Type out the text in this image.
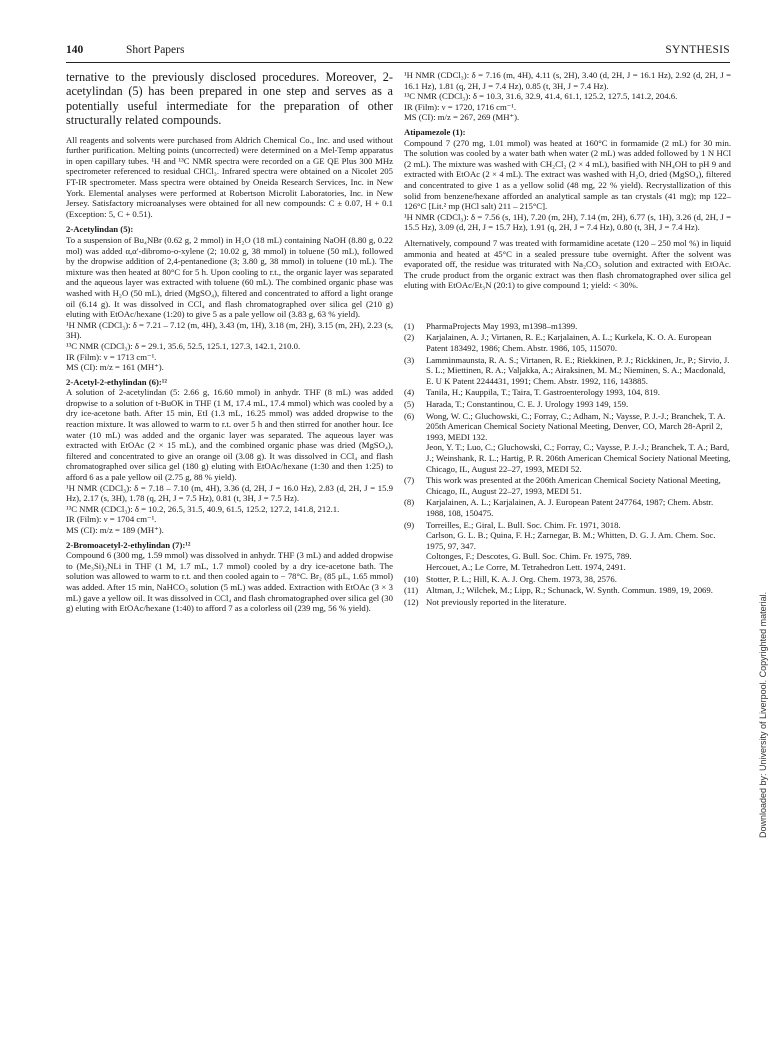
140	Short Papers	SYNTHESIS

ternative to the previously disclosed procedures. Moreover, 2-acetylindan (5) has been prepared in one step and serves as a potentially useful intermediate for the preparation of other structurally related compounds.

All reagents and solvents were purchased from Aldrich Chemical Co., Inc. and used without further purification. Melting points (uncorrected) were determined on a Mel-Temp apparatus in open capillary tubes. ¹H and ¹³C NMR spectra were recorded on a GE QE Plus 300 MHz spectrometer referenced to residual CHCl₃. Infrared spectra were obtained on a Nicolet 205 FT-IR spectrometer. Mass spectra were obtained by Oneida Research Services, Inc. in New York. Elemental analyses were performed at Robertson Microlit Laboratories, Inc. in New Jersey. Satisfactory microanalyses were obtained for all new compounds: C ± 0.07, H + 0.1 (Exception: 5, C + 0.51).

2-Acetylindan (5):

To a suspension of Bu₄NBr (0.62 g, 2 mmol) in H₂O (18 mL) containing NaOH (8.80 g, 0.22 mol) was added α,α′-dibromo-o-xylene (2; 10.02 g, 38 mmol) in toluene (50 mL), followed by the dropwise addition of 2,4-pentanedione (3; 3.80 g, 38 mmol) in toluene (10 mL). The mixture was then heated at 80°C for 5 h. Upon cooling to r.t., the organic layer was separated and the aqueous layer was extracted with toluene (60 mL). The combined organic phase was washed with H₂O (50 mL), dried (MgSO₄), filtered and concentrated to afford a light orange oil (6.14 g). It was dissolved in CCl₄ and flash chromatographed over silica gel (210 g) eluting with EtOAc/hexane (1:20) to give 5 as a pale yellow oil (3.83 g, 63 % yield).

¹H NMR (CDCl₃): δ = 7.21 – 7.12 (m, 4H), 3.43 (m, 1H), 3.18 (m, 2H), 3.15 (m, 2H), 2.23 (s, 3H).

¹³C NMR (CDCl₃): δ = 29.1, 35.6, 52.5, 125.1, 127.3, 142.1, 210.0.

IR (Film): ν = 1713 cm⁻¹.

MS (CI): m/z = 161 (MH⁺).

2-Acetyl-2-ethylindan (6):¹²

A solution of 2-acetylindan (5: 2.66 g, 16.60 mmol) in anhydr. THF (8 mL) was added dropwise to a solution of t-BuOK in THF (1 M, 17.4 mL, 17.4 mmol) which was cooled by a dry ice-acetone bath. After 15 min, EtI (1.3 mL, 16.25 mmol) was added dropwise to the reaction mixture. It was allowed to warm to r.t. over 5 h and then stirred for another hour. Ice water (10 mL) was added and the organic layer was separated. The aqueous layer was extracted with EtOAc (2 × 15 mL), and the combined organic phase was dried (MgSO₄), filtered and concentrated to give an orange oil (3.08 g). It was dissolved in CCl₄ and flash chromatographed over silica gel (180 g) eluting with EtOAc/hexane (1:30 and then 1:25) to afford 6 as a pale yellow oil (2.75 g, 88 % yield).

¹H NMR (CDCl₃): δ = 7.18 – 7.10 (m, 4H), 3.36 (d, 2H, J = 16.0 Hz), 2.83 (d, 2H, J = 15.9 Hz), 2.17 (s, 3H), 1.78 (q, 2H, J = 7.5 Hz), 0.81 (t, 3H, J = 7.5 Hz).

¹³C NMR (CDCl₃): δ = 10.2, 26.5, 31.5, 40.9, 61.5, 125.2, 127.2, 141.8, 212.1.

IR (Film): ν = 1704 cm⁻¹.

MS (CI): m/z = 189 (MH⁺).

2-Bromoacetyl-2-ethylindan (7):¹²

Compound 6 (300 mg, 1.59 mmol) was dissolved in anhydr. THF (3 mL) and added dropwise to (Me₃Si)₂NLi in THF (1 M, 1.7 mL, 1.7 mmol) cooled by a dry ice-acetone bath. The solution was allowed to warm to r.t. and then cooled again to − 78°C. Br₂ (85 μL, 1.65 mmol) was added. After 15 min, NaHCO₃ solution (5 mL) was added. Extraction with EtOAc (3 × 3 mL) gave a yellow oil. It was dissolved in CCl₄ and flash chromatographed over silica gel (30 g) eluting with EtOAc/hexane (1:40) to afford 7 as a colorless oil (239 mg, 56 % yield).

¹H NMR (CDCl₃): δ = 7.16 (m, 4H), 4.11 (s, 2H), 3.40 (d, 2H, J = 16.1 Hz), 2.92 (d, 2H, J = 16.1 Hz), 1.81 (q, 2H, J = 7.4 Hz), 0.85 (t, 3H, J = 7.4 Hz).

¹³C NMR (CDCl₃): δ = 10.3, 31.6, 32.9, 41.4, 61.1, 125.2, 127.5, 141.2, 204.6.

IR (Film): ν = 1720, 1716 cm⁻¹.

MS (CI): m/z = 267, 269 (MH⁺).

Atipamezole (1):

Compound 7 (270 mg, 1.01 mmol) was heated at 160°C in formamide (2 mL) for 30 min. The solution was cooled by a water bath when water (2 mL) was added followed by 1 N HCl (2 mL). The mixture was washed with CH₂Cl₂ (2 × 4 mL), basified with NH₄OH to pH 9 and extracted with EtOAc (2 × 4 mL). The extract was washed with H₂O, dried (MgSO₄), filtered and concentrated to give 1 as a yellow solid (48 mg, 22 % yield). Recrystallization of this solid from benzene/hexane afforded an analytical sample as tan crystals (41 mg); mp 122–126°C [Lit.² mp (HCl salt) 211 – 215°C].

¹H NMR (CDCl₃): δ = 7.56 (s, 1H), 7.20 (m, 2H), 7.14 (m, 2H), 6.77 (s, 1H), 3.26 (d, 2H, J = 15.5 Hz), 3.09 (d, 2H, J = 15.7 Hz), 1.91 (q, 2H, J = 7.4 Hz), 0.80 (t, 3H, J = 7.4 Hz).

Alternatively, compound 7 was treated with formamidine acetate (120 – 250 mol %) in liquid ammonia and heated at 45°C in a sealed pressure tube overnight. After the solvent was evaporated off, the residue was triturated with Na₂CO₃ solution and extracted with EtOAc. The crude product from the organic extract was then flash chromatographed over silica gel eluting with EtOAc/Et₃N (20:1) to give compound 1; yield: < 30%.

(1)	PharmaProjects May 1993, m1398–m1399.
(2)	Karjalainen, A. J.; Virtanen, R. E.; Karjalainen, A. L.; Kurkela, K. O. A. European Patent 183492, 1986; Chem. Abstr. 1986, 105, 115070.
(3)	Lamminmaunsta, R. A. S.; Virtanen, R. E.; Riekkinen, P. J.; Rickkinen, Jr., P.; Sirvio, J. S. L.; Miettinen, R. A.; Valjakka, A.; Airaksinen, M. M.; Nieminen, S. A.; Macdonald, E. U K Patent 2244431, 1991; Chem. Abstr. 1992, 116, 143885.
(4)	Tanila, H.; Kauppila, T.; Taira, T. Gastroenterology 1993, 104, 819.
(5)	Harada, T.; Constantinou, C. E. J. Urology 1993 149, 159.
(6)	Wong, W. C.; Gluchowski, C.; Forray, C.; Adham, N.; Vaysse, P. J.-J.; Branchek, T. A. 205th American Chemical Society National Meeting, Denver, CO, March 28-April 2, 1993, MEDI 132.
Jeon, Y. T.; Luo, C.; Gluchowski, C.; Forray, C.; Vaysse, P. J.-J.; Branchek, T. A.; Bard, J.; Weinshank, R. L.; Hartig, P. R. 206th American Chemical Society National Meeting, Chicago, IL, August 22–27, 1993, MEDI 52.
(7)	This work was presented at the 206th American Chemical Society National Meeting, Chicago, IL, August 22–27, 1993, MEDI 51.
(8)	Karjalainen, A. L.; Karjalainen, A. J. European Patent 247764, 1987; Chem. Abstr. 1988, 108, 150475.
(9)	Torreilles, E.; Giral, L. Bull. Soc. Chim. Fr. 1971, 3018.
Carlson, G. L. B.; Quina, F. H.; Zarnegar, B. M.; Whitten, D. G. J. Am. Chem. Soc. 1975, 97, 347.
Coltonges, F.; Descotes, G. Bull. Soc. Chim. Fr. 1975, 789.
Hercouet, A.; Le Corre, M. Tetrahedron Lett. 1974, 2491.
(10) Stotter, P. L.; Hill, K. A. J. Org. Chem. 1973, 38, 2576.
(11) Altman, J.; Wilchek, M.; Lipp, R.; Schunack, W. Synth. Commun. 1989, 19, 2069.
(12) Not previously reported in the literature.	Downloaded by: University of Liverpool. Copyrighted material.
